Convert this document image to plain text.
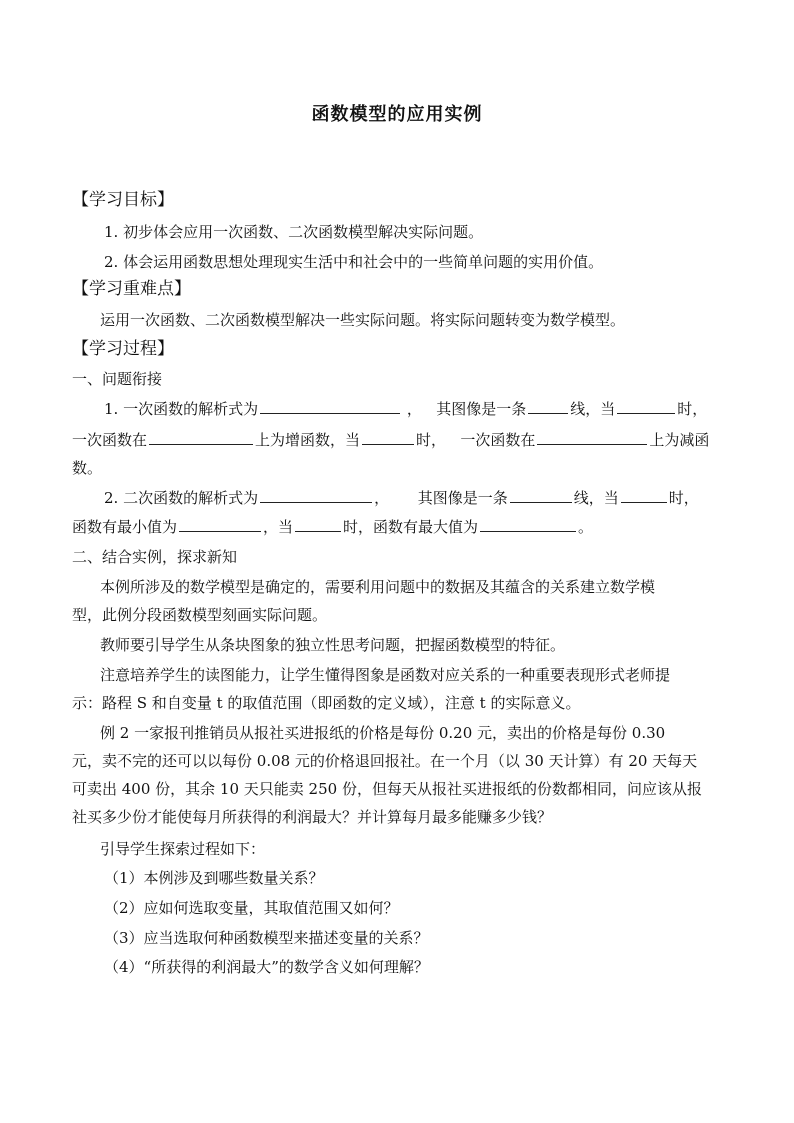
函数模型的应用实例
【学习目标】
1. 初步体会应用一次函数、二次函数模型解决实际问题。
2. 体会运用函数思想处理现实生活中和社会中的一些简单问题的实用价值。
【学习重难点】
运用一次函数、二次函数模型解决一些实际问题。将实际问题转变为数学模型。
【学习过程】
一、问题衔接
1. 一次函数的解析式为	， 其图像是一条	线，当	时，
一次函数在	上为增函数，当	时， 一次函数在	上为减函
数。
2. 二次函数的解析式为	， 其图像是一条	线，当	时，
函数有最小值为	，当	时，函数有最大值为	。
二、结合实例，探求新知
本例所涉及的数学模型是确定的，需要利用问题中的数据及其蕴含的关系建立数学模
型，此例分段函数模型刻画实际问题。
教师要引导学生从条块图象的独立性思考问题，把握函数模型的特征。
注意培养学生的读图能力，让学生懂得图象是函数对应关系的一种重要表现形式老师提
示：路程 S 和自变量 t 的取值范围（即函数的定义域），注意 t 的实际意义。
例 2 一家报刊推销员从报社买进报纸的价格是每份 0.20 元，卖出的价格是每份 0.30
元，卖不完的还可以以每份 0.08 元的价格退回报社。在一个月（以 30 天计算）有 20 天每天
可卖出 400 份，其余 10 天只能卖 250 份，但每天从报社买进报纸的份数都相同，问应该从报
社买多少份才能使每月所获得的利润最大？并计算每月最多能赚多少钱？
引导学生探索过程如下：
（1）本例涉及到哪些数量关系？
（2）应如何选取变量，其取值范围又如何？
（3）应当选取何种函数模型来描述变量的关系？
（4）“所获得的利润最大”的数学含义如何理解？
